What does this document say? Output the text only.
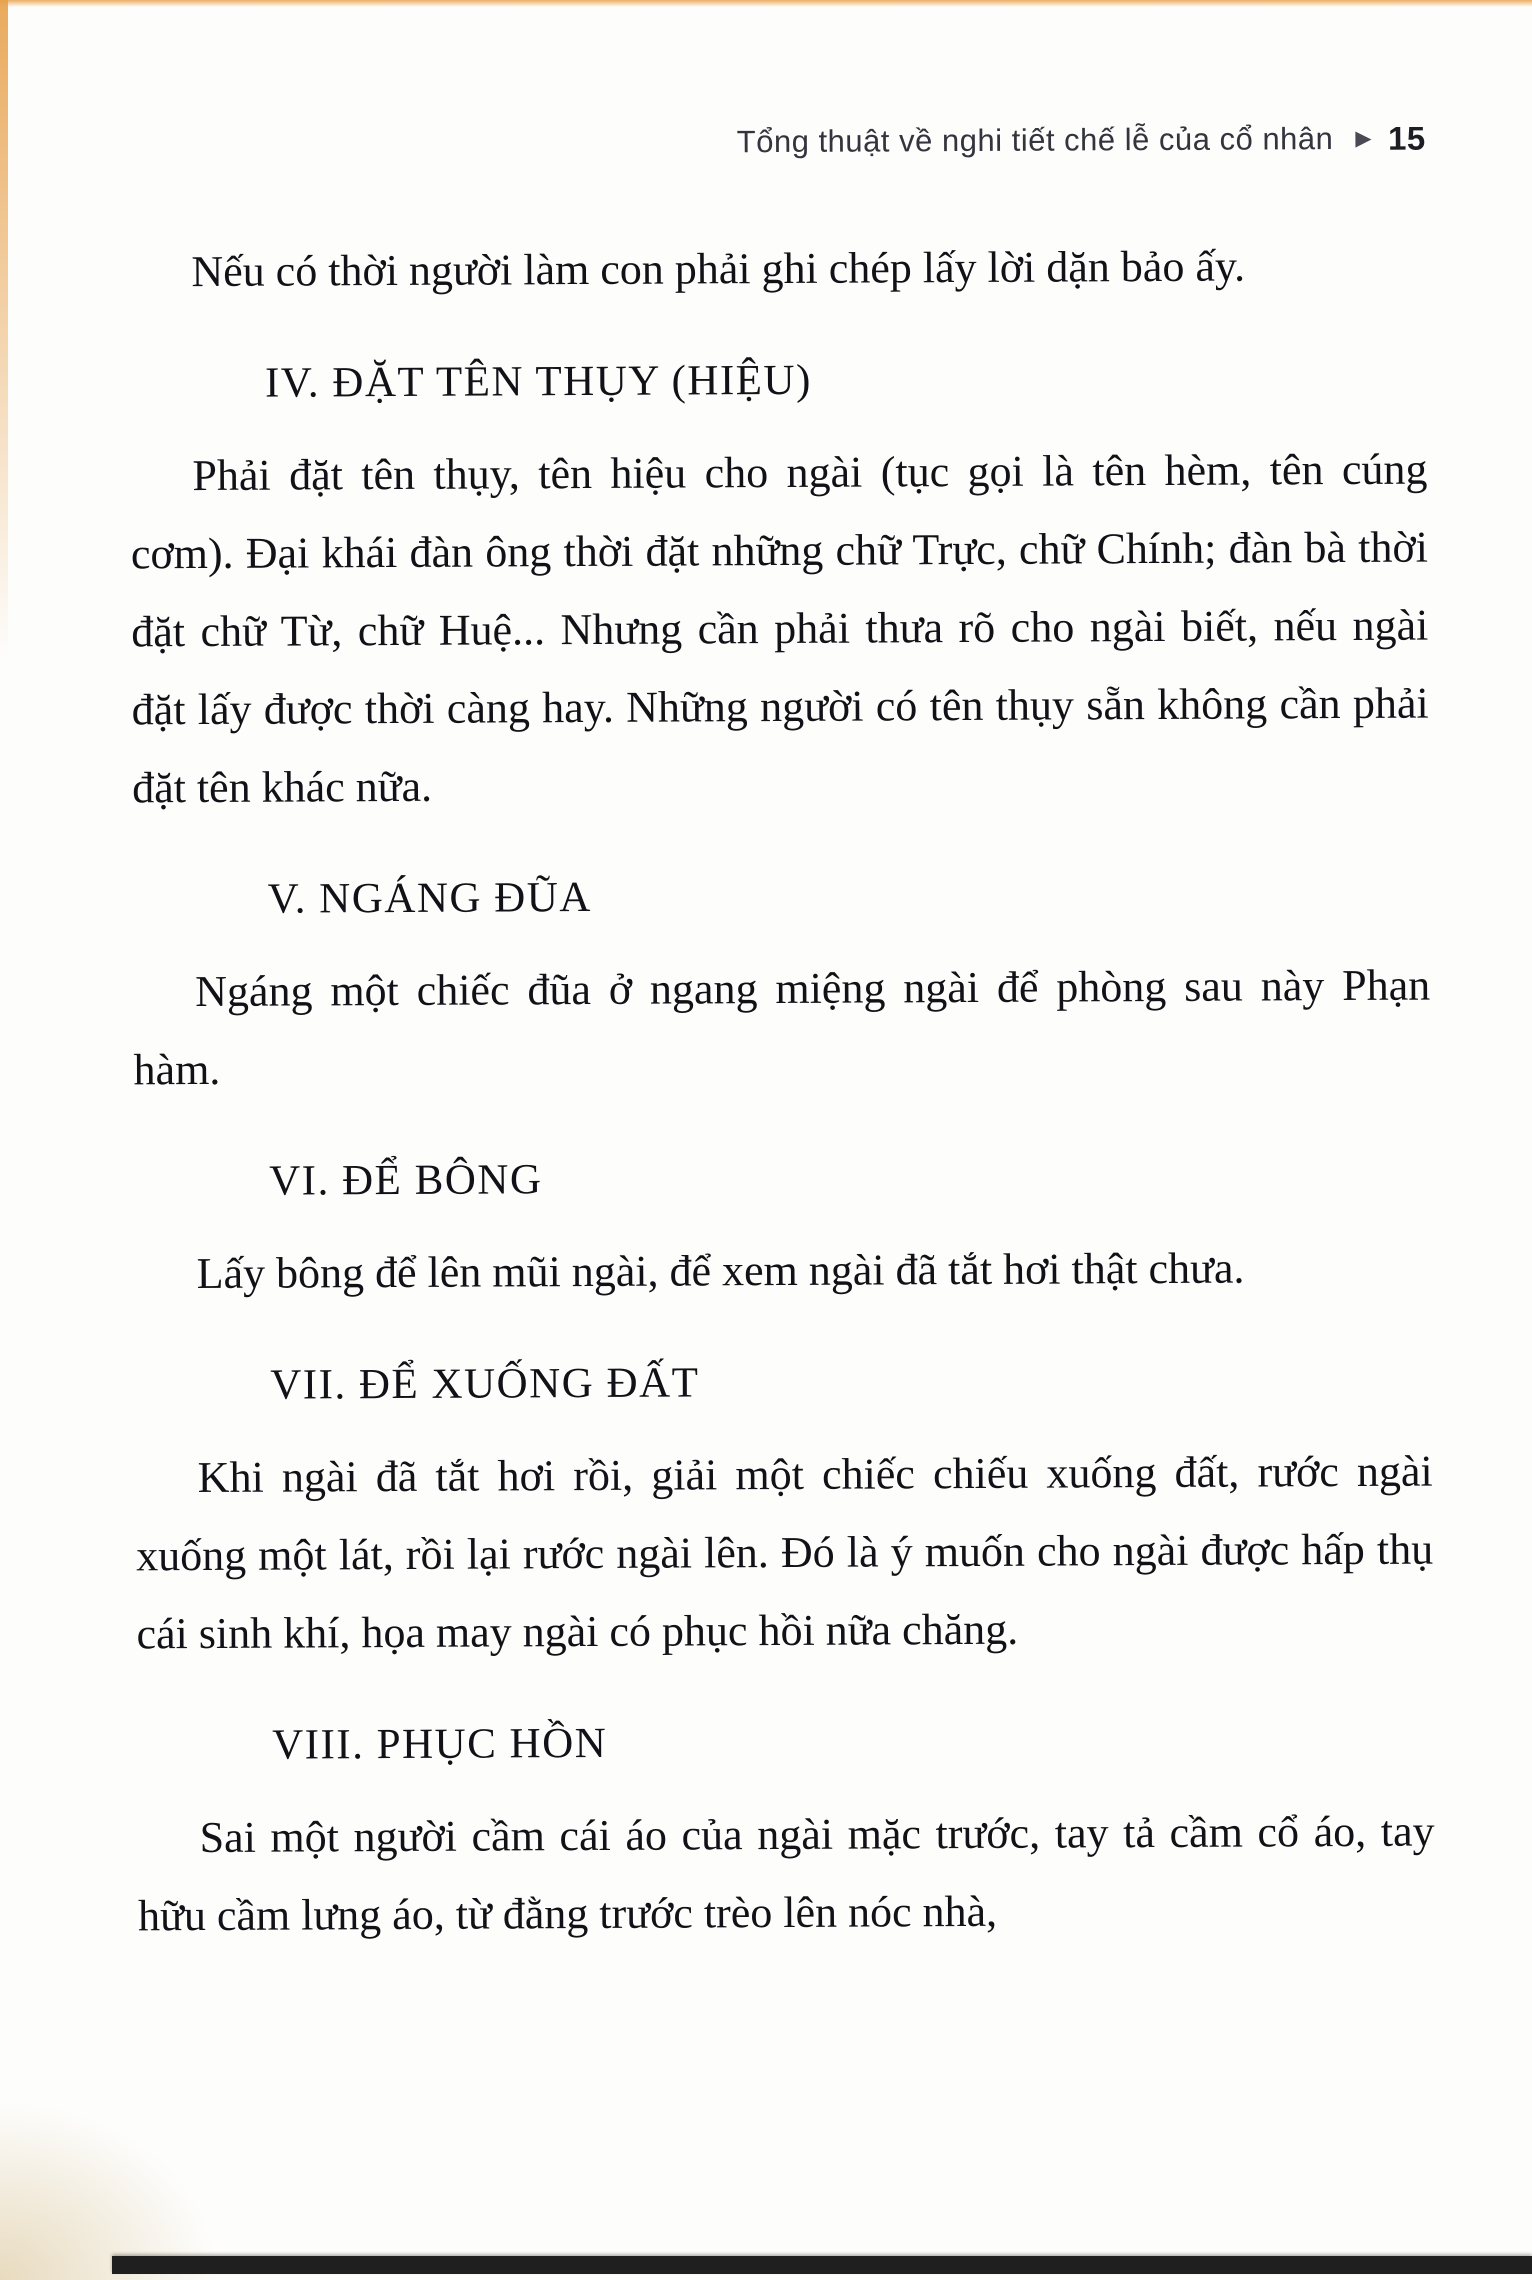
Tổng thuật về nghi tiết chế lễ của cổ nhân ▶ 15

Nếu có thời người làm con phải ghi chép lấy lời dặn bảo ấy.

IV. ĐẶT TÊN THỤY (HIỆU)

Phải đặt tên thụy, tên hiệu cho ngài (tục gọi là tên hèm, tên cúng cơm). Đại khái đàn ông thời đặt những chữ Trực, chữ Chính; đàn bà thời đặt chữ Từ, chữ Huệ... Nhưng cần phải thưa rõ cho ngài biết, nếu ngài đặt lấy được thời càng hay. Những người có tên thụy sẵn không cần phải đặt tên khác nữa.

V. NGÁNG ĐŨA

Ngáng một chiếc đũa ở ngang miệng ngài để phòng sau này Phạn hàm.

VI. ĐỂ BÔNG

Lấy bông để lên mũi ngài, để xem ngài đã tắt hơi thật chưa.

VII. ĐỂ XUỐNG ĐẤT

Khi ngài đã tắt hơi rồi, giải một chiếc chiếu xuống đất, rước ngài xuống một lát, rồi lại rước ngài lên. Đó là ý muốn cho ngài được hấp thụ cái sinh khí, họa may ngài có phục hồi nữa chăng.

VIII. PHỤC HỒN

Sai một người cầm cái áo của ngài mặc trước, tay tả cầm cổ áo, tay hữu cầm lưng áo, từ đằng trước trèo lên nóc nhà,
